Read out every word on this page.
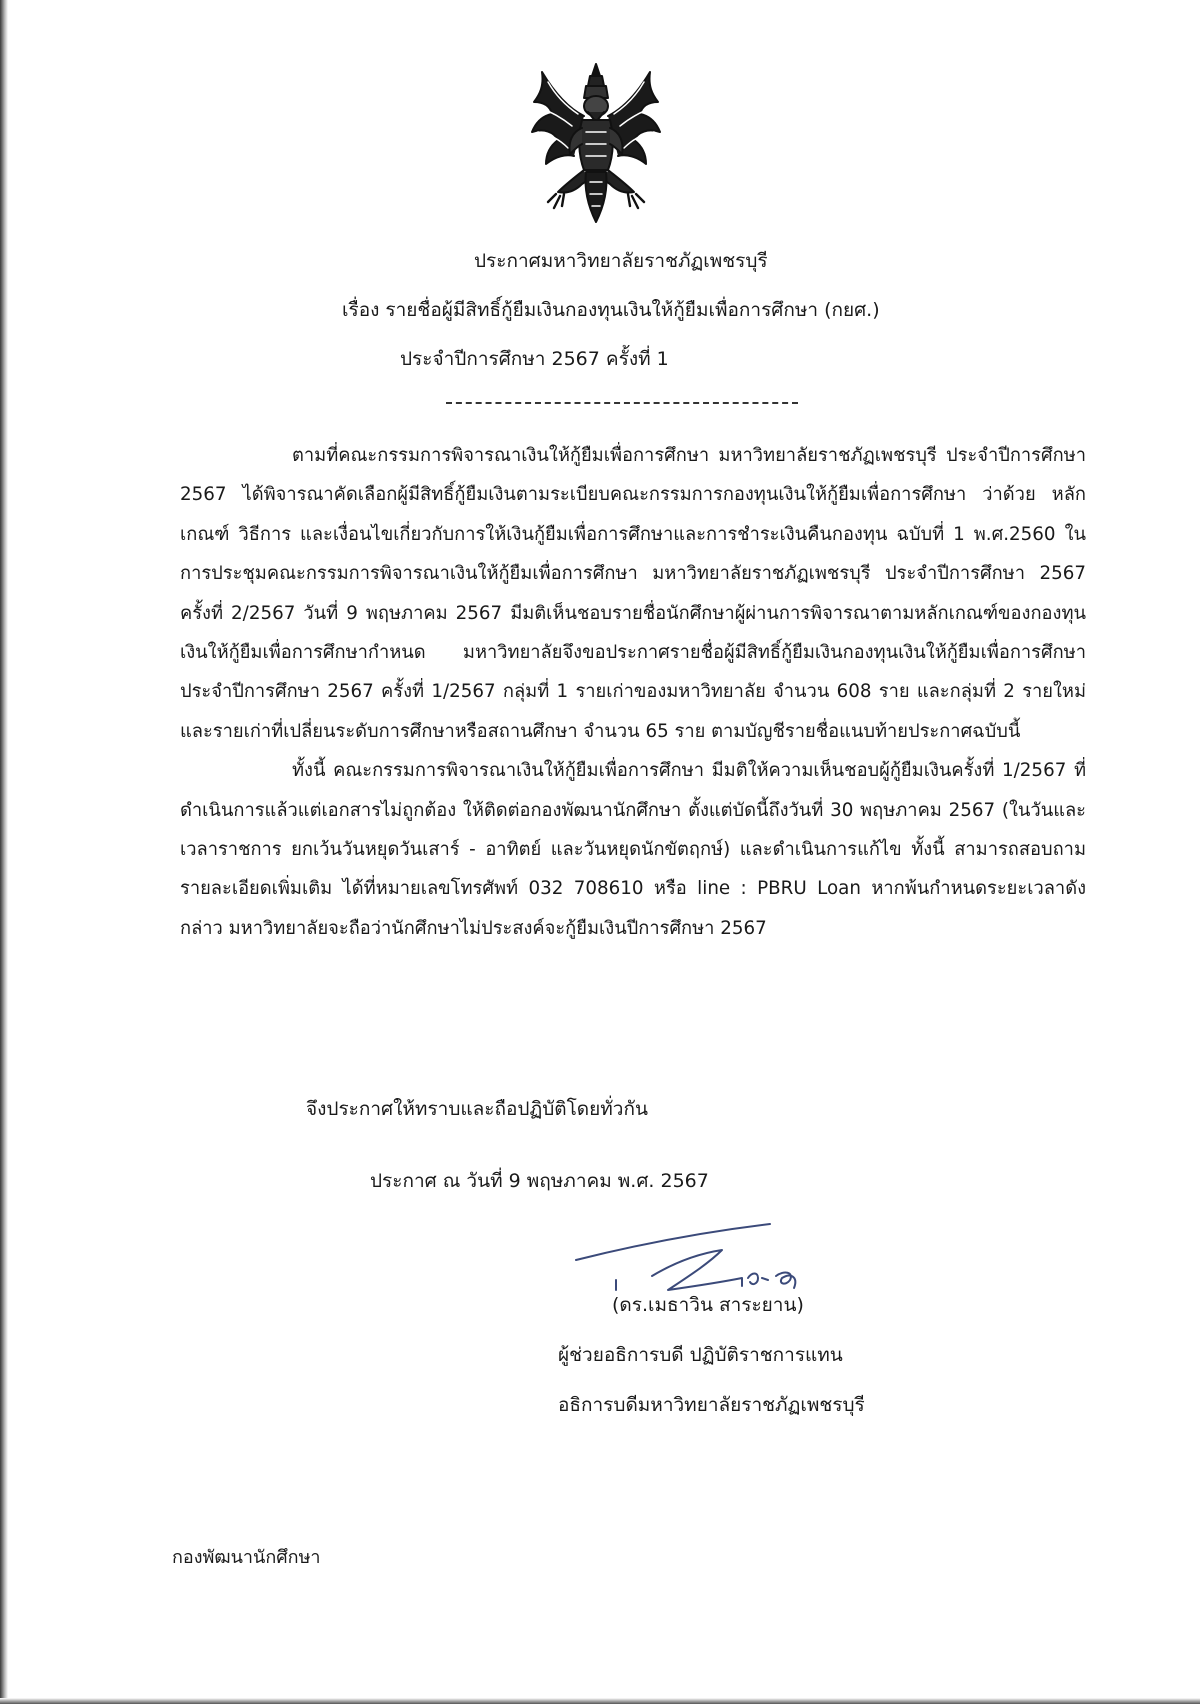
ประกาศมหาวิทยาลัยราชภัฏเพชรบุรี
เรื่อง รายชื่อผู้มีสิทธิ์กู้ยืมเงินกองทุนเงินให้กู้ยืมเพื่อการศึกษา (กยศ.)
ประจำปีการศึกษา 2567 ครั้งที่ 1

ตามที่คณะกรรมการพิจารณาเงินให้กู้ยืมเพื่อการศึกษา มหาวิทยาลัยราชภัฏเพชรบุรี ประจำปีการศึกษา 2567 ได้พิจารณาคัดเลือกผู้มีสิทธิ์กู้ยืมเงินตามระเบียบคณะกรรมการกองทุนเงินให้กู้ยืมเพื่อการศึกษา ว่าด้วย หลักเกณฑ์ วิธีการ และเงื่อนไขเกี่ยวกับการให้เงินกู้ยืมเพื่อการศึกษาและการชำระเงินคืนกองทุน ฉบับที่ 1 พ.ศ.2560 ในการประชุมคณะกรรมการพิจารณาเงินให้กู้ยืมเพื่อการศึกษา มหาวิทยาลัยราชภัฏเพชรบุรี ประจำปีการศึกษา 2567 ครั้งที่ 2/2567 วันที่ 9 พฤษภาคม 2567 มีมติเห็นชอบรายชื่อนักศึกษาผู้ผ่านการพิจารณาตามหลักเกณฑ์ของกองทุนเงินให้กู้ยืมเพื่อการศึกษากำหนด มหาวิทยาลัยจึงขอประกาศรายชื่อผู้มีสิทธิ์กู้ยืมเงินกองทุนเงินให้กู้ยืมเพื่อการศึกษา ประจำปีการศึกษา 2567 ครั้งที่ 1/2567 กลุ่มที่ 1 รายเก่าของมหาวิทยาลัย จำนวน 608 ราย และกลุ่มที่ 2 รายใหม่และรายเก่าที่เปลี่ยนระดับการศึกษาหรือสถานศึกษา จำนวน 65 ราย ตามบัญชีรายชื่อแนบท้ายประกาศฉบับนี้

ทั้งนี้ คณะกรรมการพิจารณาเงินให้กู้ยืมเพื่อการศึกษา มีมติให้ความเห็นชอบผู้กู้ยืมเงินครั้งที่ 1/2567 ที่ดำเนินการแล้วแต่เอกสารไม่ถูกต้อง ให้ติดต่อกองพัฒนานักศึกษา ตั้งแต่บัดนี้ถึงวันที่ 30 พฤษภาคม 2567 (ในวันและเวลาราชการ ยกเว้นวันหยุดวันเสาร์ - อาทิตย์ และวันหยุดนักขัตฤกษ์) และดำเนินการแก้ไข ทั้งนี้ สามารถสอบถามรายละเอียดเพิ่มเติม ได้ที่หมายเลขโทรศัพท์ 032 708610 หรือ line : PBRU Loan หากพ้นกำหนดระยะเวลาดังกล่าว มหาวิทยาลัยจะถือว่านักศึกษาไม่ประสงค์จะกู้ยืมเงินปีการศึกษา 2567

จึงประกาศให้ทราบและถือปฏิบัติโดยทั่วกัน
ประกาศ ณ วันที่ 9 พฤษภาคม พ.ศ. 2567
(ดร.เมธาวิน สาระยาน)
ผู้ช่วยอธิการบดี ปฏิบัติราชการแทน
อธิการบดีมหาวิทยาลัยราชภัฏเพชรบุรี
กองพัฒนานักศึกษา
